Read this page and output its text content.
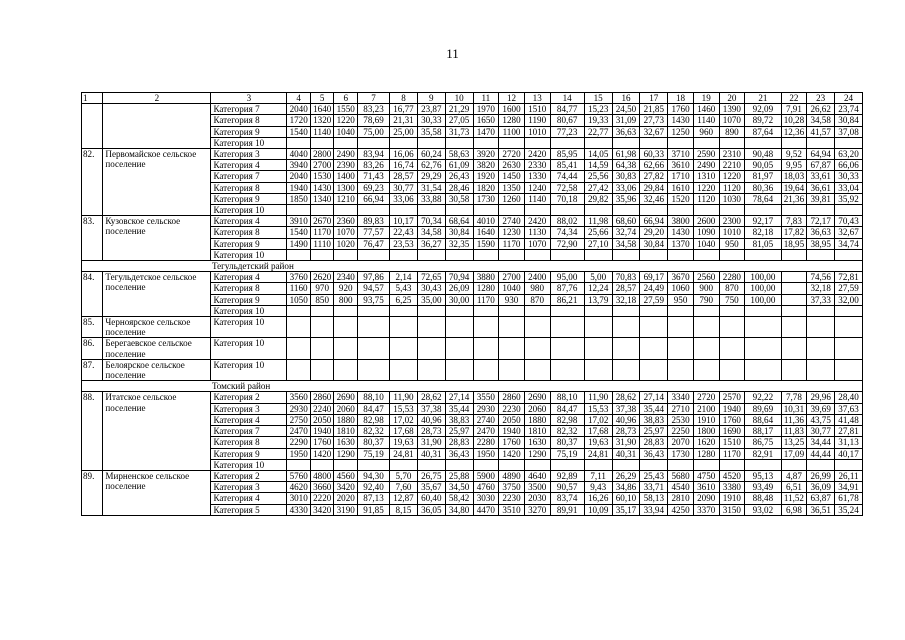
11
1	2	3	4	5	6	7	8	9	10	11	12	13	14	15	16	17	18	19	20	21	22	23	24
		Категория 7	2040	1640	1550	83,23	16,77	23,87	21,29	1970	1600	1510	84,77	15,23	24,50	21,85	1760	1460	1390	92,09	7,91	26,62	23,74
		Категория 8	1720	1320	1220	78,69	21,31	30,33	27,05	1650	1280	1190	80,67	19,33	31,09	27,73	1430	1140	1070	89,72	10,28	34,58	30,84
		Категория 9	1540	1140	1040	75,00	25,00	35,58	31,73	1470	1100	1010	77,23	22,77	36,63	32,67	1250	960	890	87,64	12,36	41,57	37,08
		Категория 10																					
82.	Первомайское сельское поселение	Категория 3	4040	2800	2490	83,94	16,06	60,24	58,63	3920	2720	2420	85,95	14,05	61,98	60,33	3710	2590	2310	90,48	9,52	64,94	63,20
		Категория 4	3940	2700	2390	83,26	16,74	62,76	61,09	3820	2630	2330	85,41	14,59	64,38	62,66	3610	2490	2210	90,05	9,95	67,87	66,06
		Категория 7	2040	1530	1400	71,43	28,57	29,29	26,43	1920	1450	1330	74,44	25,56	30,83	27,82	1710	1310	1220	81,97	18,03	33,61	30,33
		Категория 8	1940	1430	1300	69,23	30,77	31,54	28,46	1820	1350	1240	72,58	27,42	33,06	29,84	1610	1220	1120	80,36	19,64	36,61	33,04
		Категория 9	1850	1340	1210	66,94	33,06	33,88	30,58	1730	1260	1140	70,18	29,82	35,96	32,46	1520	1120	1030	78,64	21,36	39,81	35,92
		Категория 10																					
83.	Кузовское сельское поселение	Категория 4	3910	2670	2360	89,83	10,17	70,34	68,64	4010	2740	2420	88,02	11,98	68,60	66,94	3800	2600	2300	92,17	7,83	72,17	70,43
		Категория 8	1540	1170	1070	77,57	22,43	34,58	30,84	1640	1230	1130	74,34	25,66	32,74	29,20	1430	1090	1010	82,18	17,82	36,63	32,67
		Категория 9	1490	1110	1020	76,47	23,53	36,27	32,35	1590	1170	1070	72,90	27,10	34,58	30,84	1370	1040	950	81,05	18,95	38,95	34,74
		Категория 10																					
		Тегульдетский район																					
84.	Тегульдетское сельское поселение	Категория 4	3760	2620	2340	97,86	2,14	72,65	70,94	3880	2700	2400	95,00	5,00	70,83	69,17	3670	2560	2280	100,00		74,56	72,81
		Категория 8	1160	970	920	94,57	5,43	30,43	26,09	1280	1040	980	87,76	12,24	28,57	24,49	1060	900	870	100,00		32,18	27,59
		Категория 9	1050	850	800	93,75	6,25	35,00	30,00	1170	930	870	86,21	13,79	32,18	27,59	950	790	750	100,00		37,33	32,00
		Категория 10																					
85.	Черноярское сельское поселение	Категория 10																					
86.	Берегаевское сельское поселение	Категория 10																					
87.	Белоярское сельское поселение	Категория 10																					
		Томский район																					
88.	Итатское сельское поселение	Категория 2	3560	2860	2690	88,10	11,90	28,62	27,14	3550	2860	2690	88,10	11,90	28,62	27,14	3340	2720	2570	92,22	7,78	29,96	28,40
		Категория 3	2930	2240	2060	84,47	15,53	37,38	35,44	2930	2230	2060	84,47	15,53	37,38	35,44	2710	2100	1940	89,69	10,31	39,69	37,63
		Категория 4	2750	2050	1880	82,98	17,02	40,96	38,83	2740	2050	1880	82,98	17,02	40,96	38,83	2530	1910	1760	88,64	11,36	43,75	41,48
		Категория 7	2470	1940	1810	82,32	17,68	28,73	25,97	2470	1940	1810	82,32	17,68	28,73	25,97	2250	1800	1690	88,17	11,83	30,77	27,81
		Категория 8	2290	1760	1630	80,37	19,63	31,90	28,83	2280	1760	1630	80,37	19,63	31,90	28,83	2070	1620	1510	86,75	13,25	34,44	31,13
		Категория 9	1950	1420	1290	75,19	24,81	40,31	36,43	1950	1420	1290	75,19	24,81	40,31	36,43	1730	1280	1170	82,91	17,09	44,44	40,17
		Категория 10																					
89.	Мирненское сельское поселение	Категория 2	5760	4800	4560	94,30	5,70	26,75	25,88	5900	4890	4640	92,89	7,11	26,29	25,43	5680	4750	4520	95,13	4,87	26,99	26,11
		Категория 3	4620	3660	3420	92,40	7,60	35,67	34,50	4760	3750	3500	90,57	9,43	34,86	33,71	4540	3610	3380	93,49	6,51	36,09	34,91
		Категория 4	3010	2220	2020	87,13	12,87	60,40	58,42	3030	2230	2030	83,74	16,26	60,10	58,13	2810	2090	1910	88,48	11,52	63,87	61,78
		Категория 5	4330	3420	3190	91,85	8,15	36,05	34,80	4470	3510	3270	89,91	10,09	35,17	33,94	4250	3370	3150	93,02	6,98	36,51	35,24
